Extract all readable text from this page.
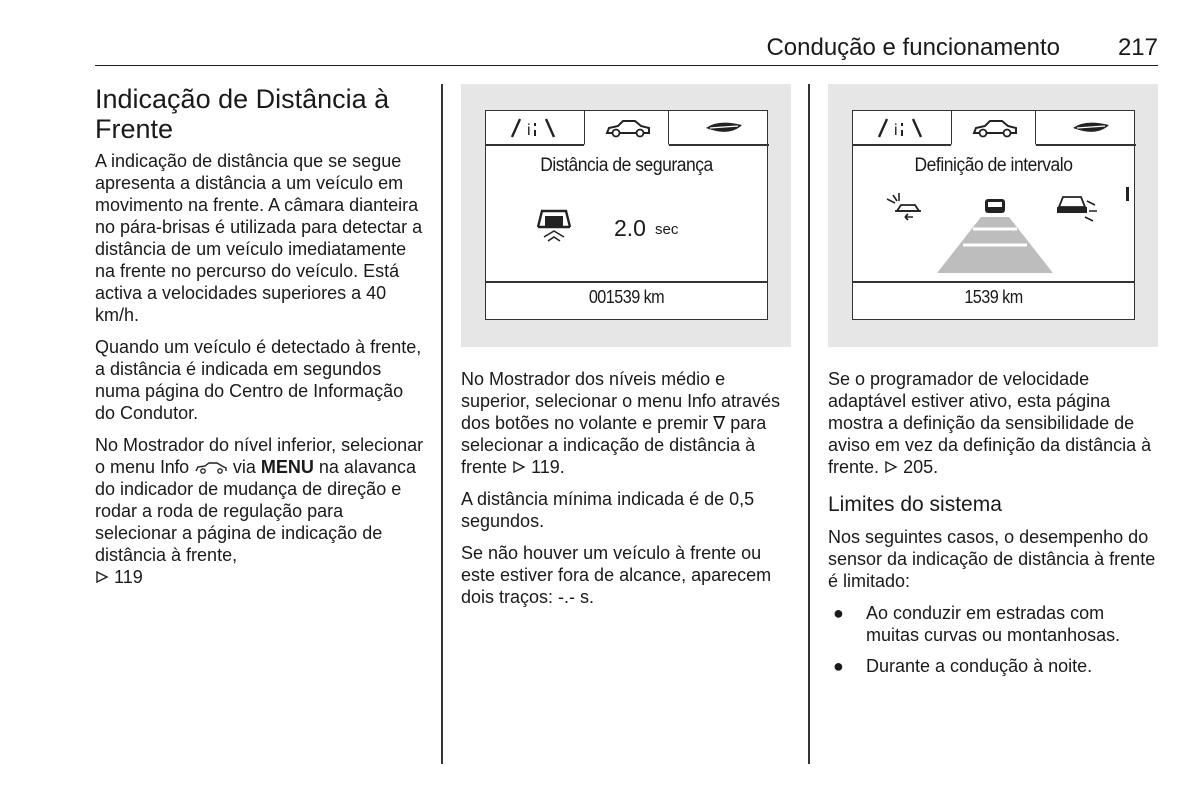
Condução e funcionamento 217
Indicação de Distância à Frente

A indicação de distância que se segue apresenta a distância a um veículo em movimento na frente. A câmara dianteira no pára-brisas é utilizada para detectar a distância de um veículo imediatamente na frente no percurso do veículo. Está activa a velocidades superiores a 40 km/h.

Quando um veículo é detectado à frente, a distância é indicada em segundos numa página do Centro de Informação do Condutor.

No Mostrador do nível inferior, selecionar o menu Info  via MENU na alavanca do indicador de mudança de direção e rodar a roda de regulação para selecionar a página de indicação de distância à frente,
119

i
Distância de segurança
2.0 sec
001539 km
i
Definição de intervalo
1539 km

No Mostrador dos níveis médio e superior, selecionar o menu Info através dos botões no volante e premir ∇ para selecionar a indicação de distância à frente 119.

A distância mínima indicada é de 0,5 segundos.

Se não houver um veículo à frente ou este estiver fora de alcance, aparecem dois traços: -.- s.

Se o programador de velocidade adaptável estiver ativo, esta página mostra a definição da sensibilidade de aviso em vez da definição da distância à frente. 205.

Limites do sistema

Nos seguintes casos, o desempenho do sensor da indicação de distância à frente é limitado:

● Ao conduzir em estradas com muitas curvas ou montanhosas.
● Durante a condução à noite.
